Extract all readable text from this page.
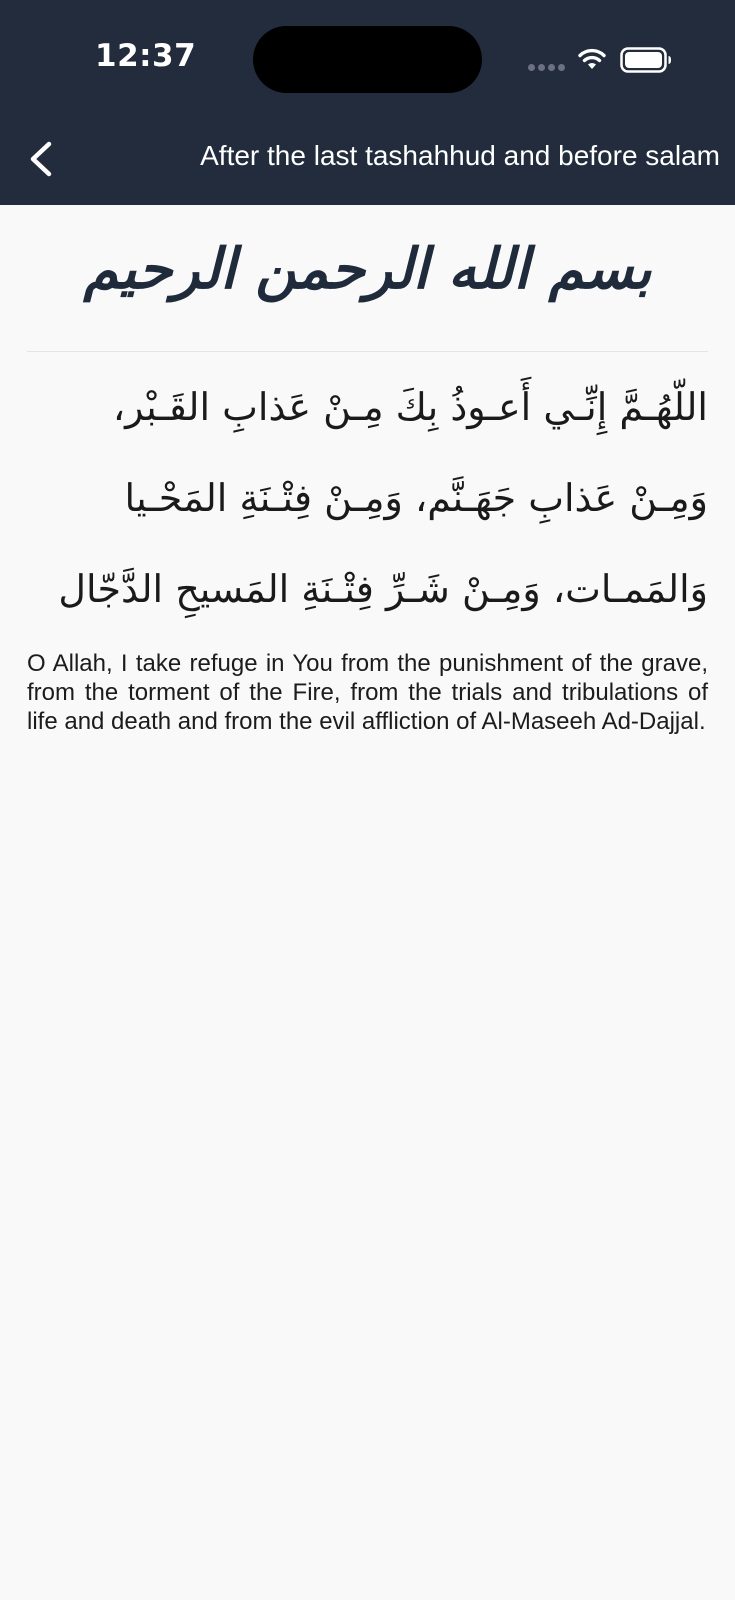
12:37
After the last tashahhud and before salam
بسم الله الرحمن الرحيم
اللّهُـمَّ إِنِّـي أَعـوذُ بِكَ مِـنْ عَذابِ القَـبْر، وَمِـنْ عَذابِ جَهَـنَّم، وَمِـنْ فِتْـنَةِ المَحْـيا وَالمَمـات، وَمِـنْ شَـرِّ فِتْـنَةِ المَسيحِ الدَّجّال
O Allah, I take refuge in You from the punishment of the grave, from the torment of the Fire, from the trials and tribulations of life and death and from the evil affliction of Al-Maseeh Ad-Dajjal.
